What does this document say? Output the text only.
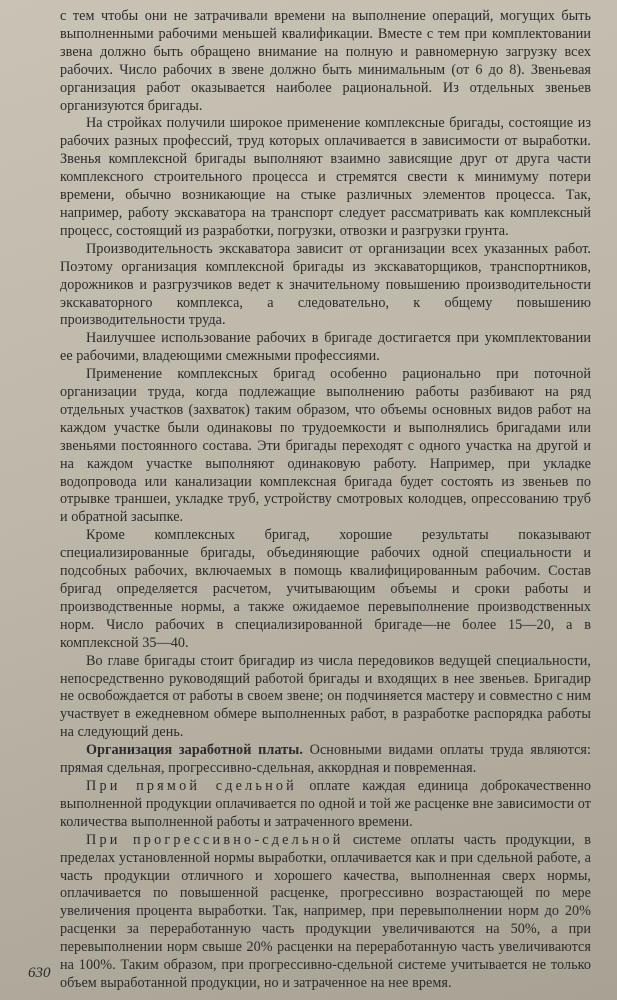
с тем чтобы они не затрачивали времени на выполнение операций, могущих быть выполненными рабочими меньшей квалификации. Вместе с тем при комплектовании звена должно быть обращено внимание на полную и равномерную загрузку всех рабочих. Число рабочих в звене должно быть минимальным (от 6 до 8). Звеньевая организация работ оказывается наиболее рациональной. Из отдельных звеньев организуются бригады.

На стройках получили широкое применение комплексные бригады, состоящие из рабочих разных профессий, труд которых оплачивается в зависимости от выработки. Звенья комплексной бригады выполняют взаимно зависящие друг от друга части комплексного строительного процесса и стремятся свести к минимуму потери времени, обычно возникающие на стыке различных элементов процесса. Так, например, работу экскаватора на транспорт следует рассматривать как комплексный процесс, состоящий из разработки, погрузки, отвозки и разгрузки грунта.

Производительность экскаватора зависит от организации всех указанных работ. Поэтому организация комплексной бригады из экскаваторщиков, транспортников, дорожников и разгрузчиков ведет к значительному повышению производительности экскаваторного комплекса, а следовательно, к общему повышению производительности труда.

Наилучшее использование рабочих в бригаде достигается при укомплектовании ее рабочими, владеющими смежными профессиями.

Применение комплексных бригад особенно рационально при поточной организации труда, когда подлежащие выполнению работы разбивают на ряд отдельных участков (захваток) таким образом, что объемы основных видов работ на каждом участке были одинаковы по трудоемкости и выполнялись бригадами или звеньями постоянного состава. Эти бригады переходят с одного участка на другой и на каждом участке выполняют одинаковую работу. Например, при укладке водопровода или канализации комплексная бригада будет состоять из звеньев по отрывке траншеи, укладке труб, устройству смотровых колодцев, опрессованию труб и обратной засыпке.

Кроме комплексных бригад, хорошие результаты показывают специализированные бригады, объединяющие рабочих одной специальности и подсобных рабочих, включаемых в помощь квалифицированным рабочим. Состав бригад определяется расчетом, учитывающим объемы и сроки работы и производственные нормы, а также ожидаемое перевыполнение производственных норм. Число рабочих в специализированной бригаде—не более 15—20, а в комплексной 35—40.

Во главе бригады стоит бригадир из числа передовиков ведущей специальности, непосредственно руководящий работой бригады и входящих в нее звеньев. Бригадир не освобождается от работы в своем звене; он подчиняется мастеру и совместно с ним участвует в ежедневном обмере выполненных работ, в разработке распорядка работы на следующий день.

Организация заработной платы. Основными видами оплаты труда являются: прямая сдельная, прогрессивно-сдельная, аккордная и повременная.

При прямой сдельной оплате каждая единица доброкачественно выполненной продукции оплачивается по одной и той же расценке вне зависимости от количества выполненной работы и затраченного времени.

При прогрессивно-сдельной системе оплаты часть продукции, в пределах установленной нормы выработки, оплачивается как и при сдельной работе, а часть продукции отличного и хорошего качества, выполненная сверх нормы, оплачивается по повышенной расценке, прогрессивно возрастающей по мере увеличения процента выработки. Так, например, при перевыполнении норм до 20% расценки за переработанную часть продукции увеличиваются на 50%, а при перевыполнении норм свыше 20% расценки на переработанную часть увеличиваются на 100%. Таким образом, при прогрессивно-сдельной системе учитывается не только объем выработанной продукции, но и затраченное на нее время.

630
